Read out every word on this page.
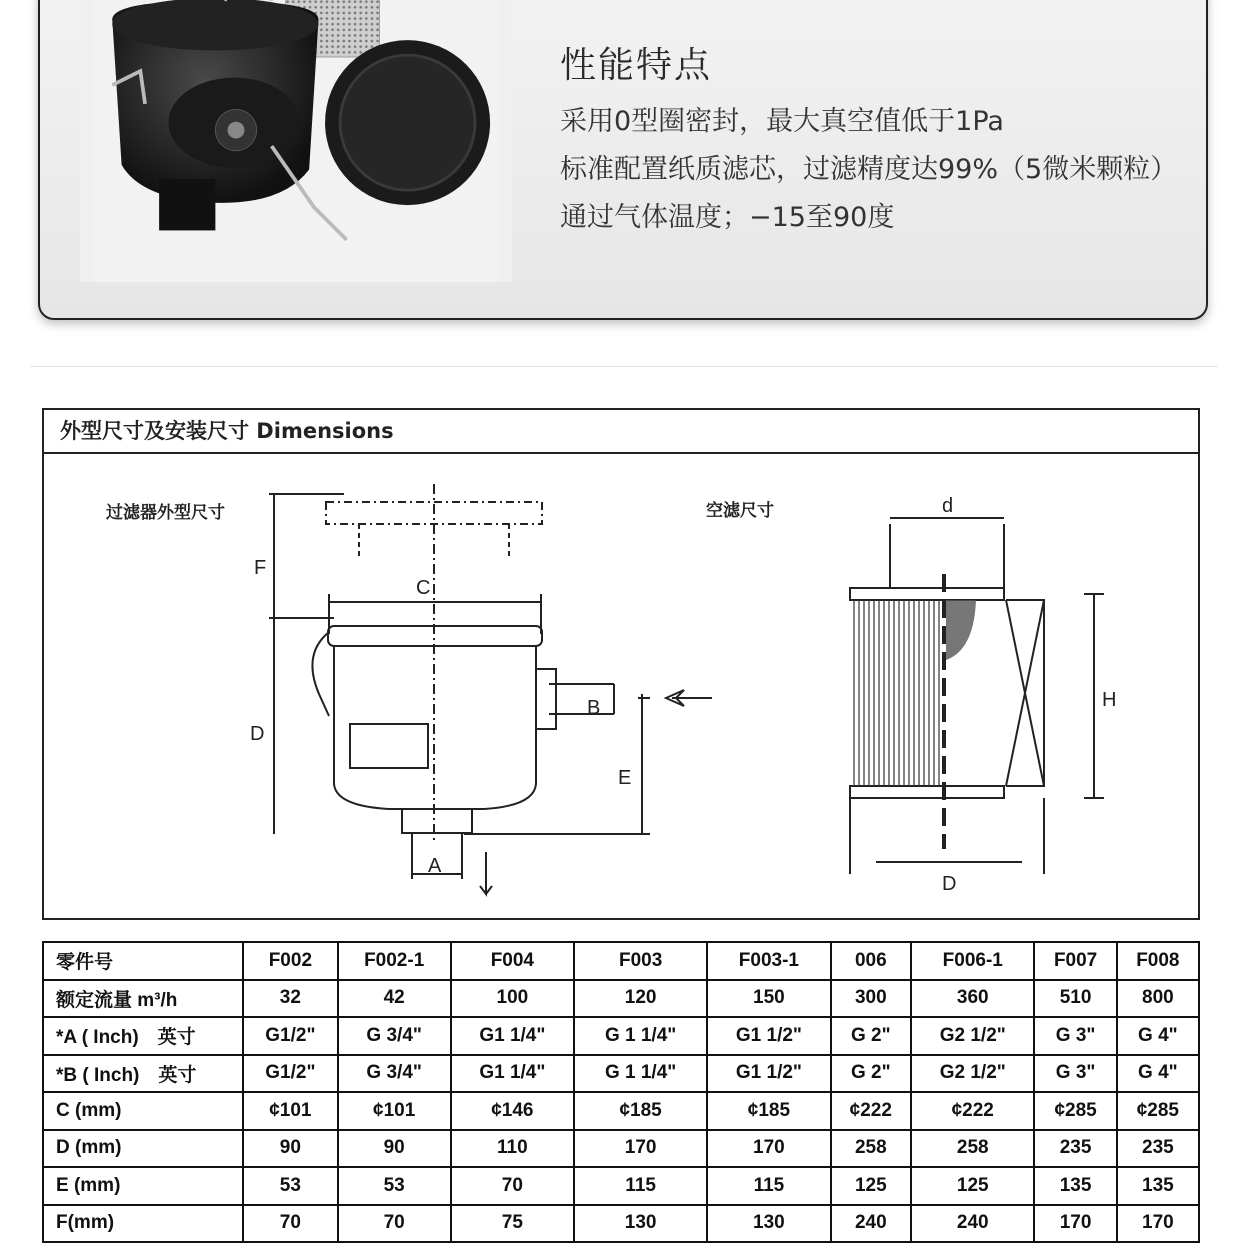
性能特点
采用0型圈密封，最大真空值低于1Pa
标准配置纸质滤芯，过滤精度达99%（5微米颗粒）
通过气体温度；−15至90度
外型尺寸及安装尺寸 Dimensions
过滤器外型尺寸	空滤尺寸
F
C
D
B
E
A
d
H
D
零件号	F002	F002-1	F004	F003	F003-1	006	F006-1	F007	F008
额定流量 m³/h	32	42	100	120	150	300	360	510	800
*A ( Inch)　英寸	G1/2"	G 3/4"	G1 1/4"	G 1 1/4"	G1 1/2"	G 2"	G2 1/2"	G 3"	G 4"
*B ( Inch)　英寸	G1/2"	G 3/4"	G1 1/4"	G 1 1/4"	G1 1/2"	G 2"	G2 1/2"	G 3"	G 4"
C (mm)	¢101	¢101	¢146	¢185	¢185	¢222	¢222	¢285	¢285
D (mm)	90	90	110	170	170	258	258	235	235
E (mm)	53	53	70	115	115	125	125	135	135
F(mm)	70	70	75	130	130	240	240	170	170
